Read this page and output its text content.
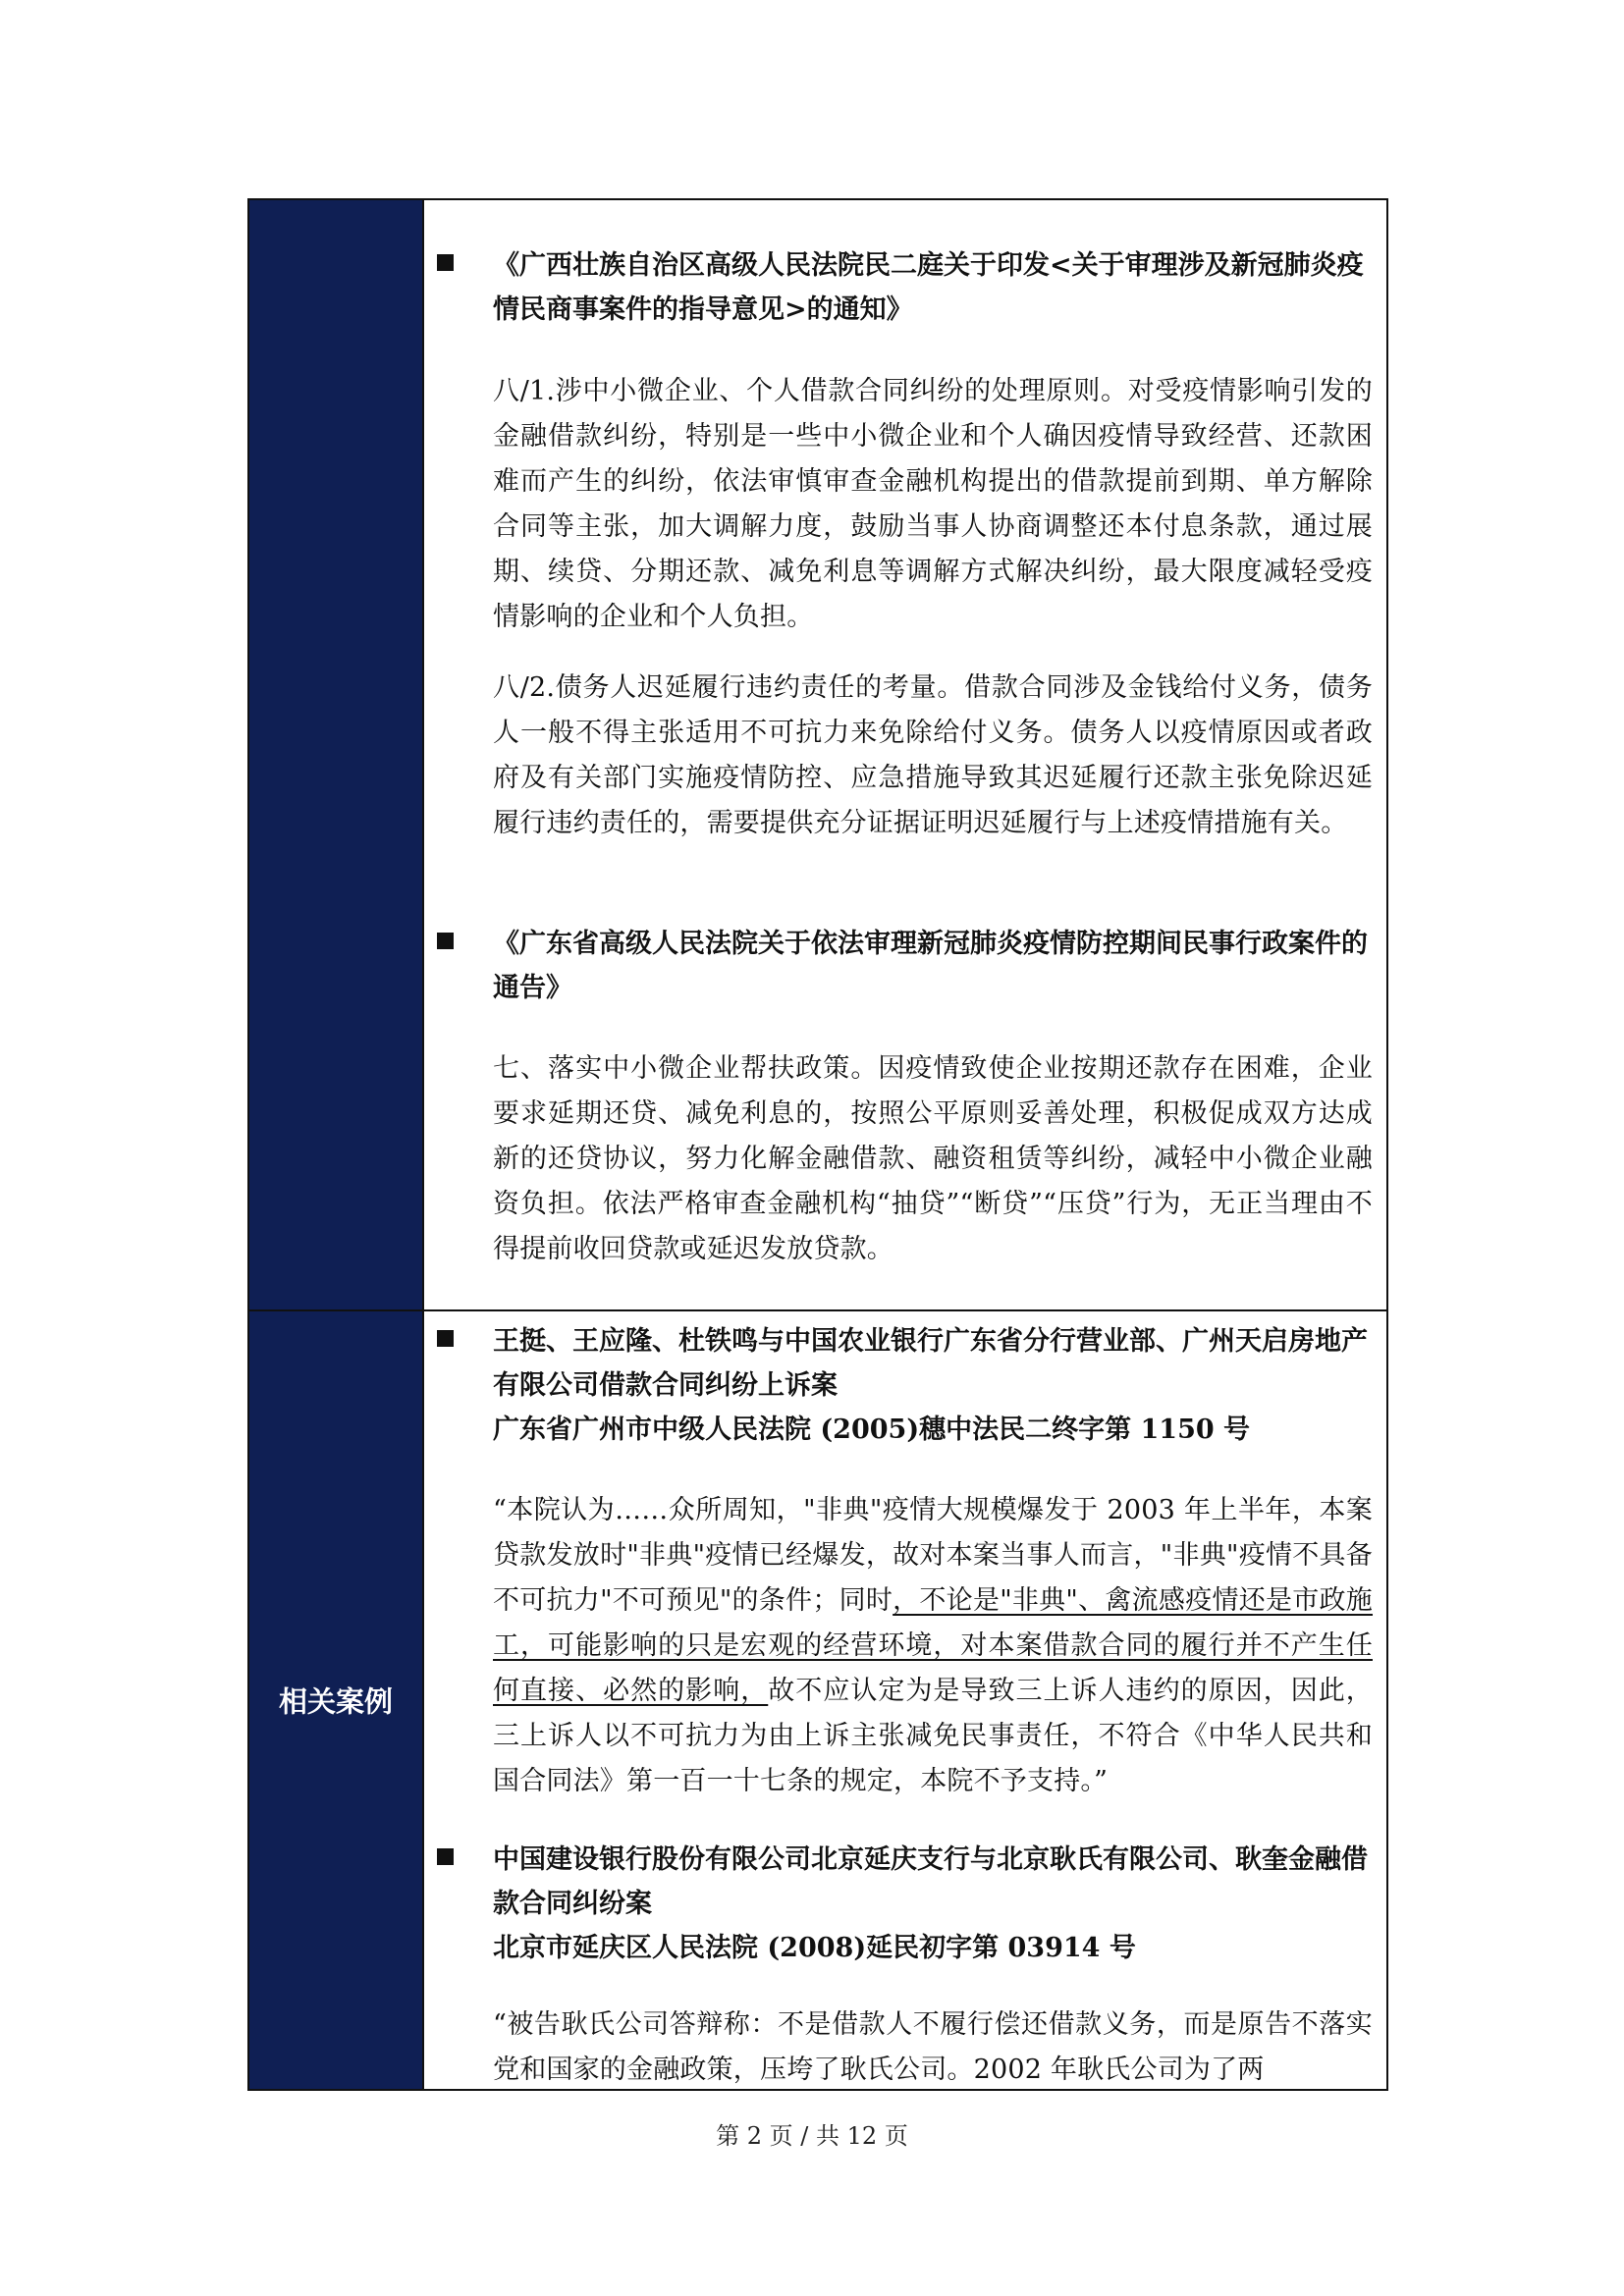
《广西壮族自治区高级人民法院民二庭关于印发<关于审理涉及新冠肺炎疫情民商事案件的指导意见>的通知》

八/1.涉中小微企业、个人借款合同纠纷的处理原则。对受疫情影响引发的金融借款纠纷，特别是一些中小微企业和个人确因疫情导致经营、还款困难而产生的纠纷，依法审慎审查金融机构提出的借款提前到期、单方解除合同等主张，加大调解力度，鼓励当事人协商调整还本付息条款，通过展期、续贷、分期还款、减免利息等调解方式解决纠纷，最大限度减轻受疫情影响的企业和个人负担。

八/2.债务人迟延履行违约责任的考量。借款合同涉及金钱给付义务，债务人一般不得主张适用不可抗力来免除给付义务。债务人以疫情原因或者政府及有关部门实施疫情防控、应急措施导致其迟延履行还款主张免除迟延履行违约责任的，需要提供充分证据证明迟延履行与上述疫情措施有关。

《广东省高级人民法院关于依法审理新冠肺炎疫情防控期间民事行政案件的通告》

七、落实中小微企业帮扶政策。因疫情致使企业按期还款存在困难，企业要求延期还贷、减免利息的，按照公平原则妥善处理，积极促成双方达成新的还贷协议，努力化解金融借款、融资租赁等纠纷，减轻中小微企业融资负担。依法严格审查金融机构“抽贷”“断贷”“压贷”行为，无正当理由不得提前收回贷款或延迟发放贷款。

相关案例

王挺、王应隆、杜铁鸣与中国农业银行广东省分行营业部、广州天启房地产有限公司借款合同纠纷上诉案

广东省广州市中级人民法院 (2005)穗中法民二终字第 1150 号

“本院认为……众所周知，"非典"疫情大规模爆发于 2003 年上半年，本案贷款发放时"非典"疫情已经爆发，故对本案当事人而言，"非典"疫情不具备不可抗力"不可预见"的条件；同时，不论是"非典"、禽流感疫情还是市政施工，可能影响的只是宏观的经营环境，对本案借款合同的履行并不产生任何直接、必然的影响，故不应认定为是导致三上诉人违约的原因，因此，三上诉人以不可抗力为由上诉主张减免民事责任，不符合《中华人民共和国合同法》第一百一十七条的规定，本院不予支持。”

中国建设银行股份有限公司北京延庆支行与北京耿氏有限公司、耿奎金融借款合同纠纷案

北京市延庆区人民法院 (2008)延民初字第 03914 号

“被告耿氏公司答辩称：不是借款人不履行偿还借款义务，而是原告不落实党和国家的金融政策，压垮了耿氏公司。2002 年耿氏公司为了两

第 2 页 / 共 12 页
